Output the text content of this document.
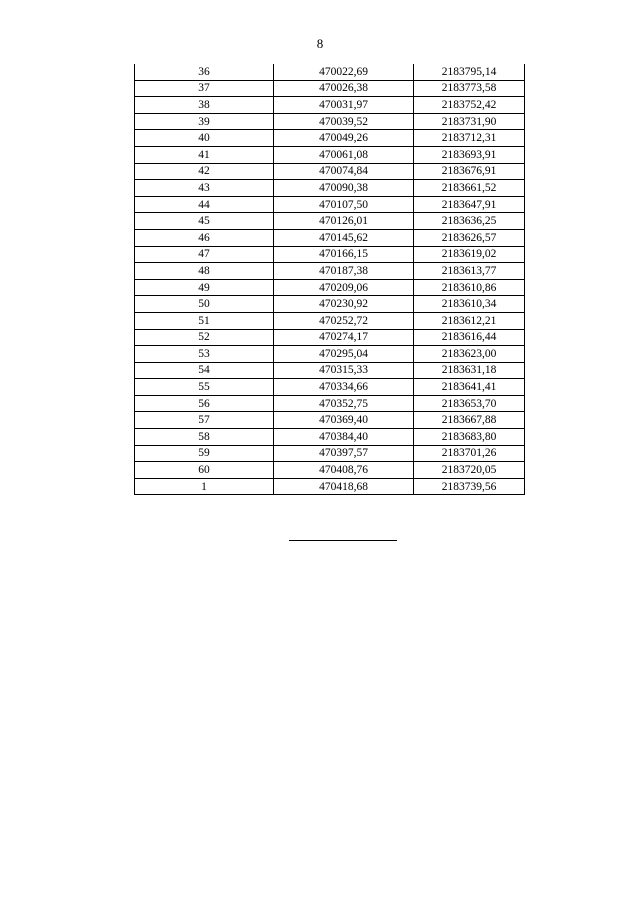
8
36	470022,69	2183795,14
37	470026,38	2183773,58
38	470031,97	2183752,42
39	470039,52	2183731,90
40	470049,26	2183712,31
41	470061,08	2183693,91
42	470074,84	2183676,91
43	470090,38	2183661,52
44	470107,50	2183647,91
45	470126,01	2183636,25
46	470145,62	2183626,57
47	470166,15	2183619,02
48	470187,38	2183613,77
49	470209,06	2183610,86
50	470230,92	2183610,34
51	470252,72	2183612,21
52	470274,17	2183616,44
53	470295,04	2183623,00
54	470315,33	2183631,18
55	470334,66	2183641,41
56	470352,75	2183653,70
57	470369,40	2183667,88
58	470384,40	2183683,80
59	470397,57	2183701,26
60	470408,76	2183720,05
1	470418,68	2183739,56
